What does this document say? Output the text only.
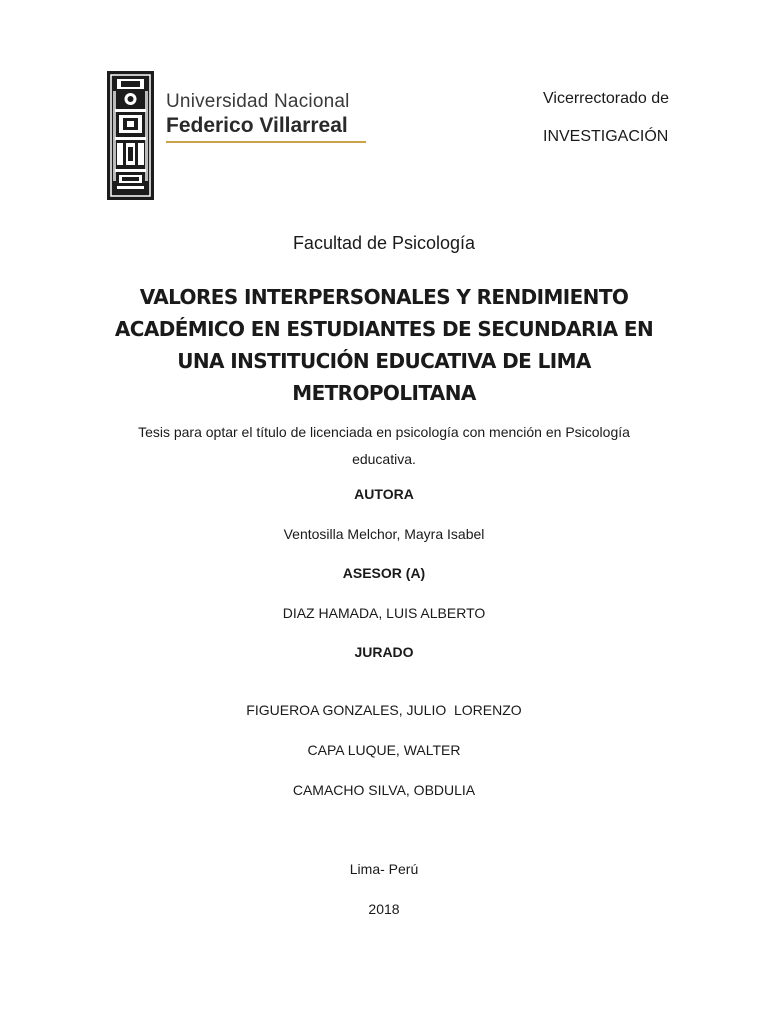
Universidad Nacional
Federico Villarreal
Vicerrectorado de
INVESTIGACIÓN
Facultad de Psicología
VALORES INTERPERSONALES Y RENDIMIENTO
ACADÉMICO EN ESTUDIANTES DE SECUNDARIA EN
UNA INSTITUCIÓN EDUCATIVA DE LIMA
METROPOLITANA
Tesis para optar el título de licenciada en psicología con mención en Psicología
educativa.
AUTORA
Ventosilla Melchor, Mayra Isabel
ASESOR (A)
DIAZ HAMADA, LUIS ALBERTO
JURADO
FIGUEROA GONZALES, JULIO  LORENZO
CAPA LUQUE, WALTER
CAMACHO SILVA, OBDULIA
Lima- Perú
2018
